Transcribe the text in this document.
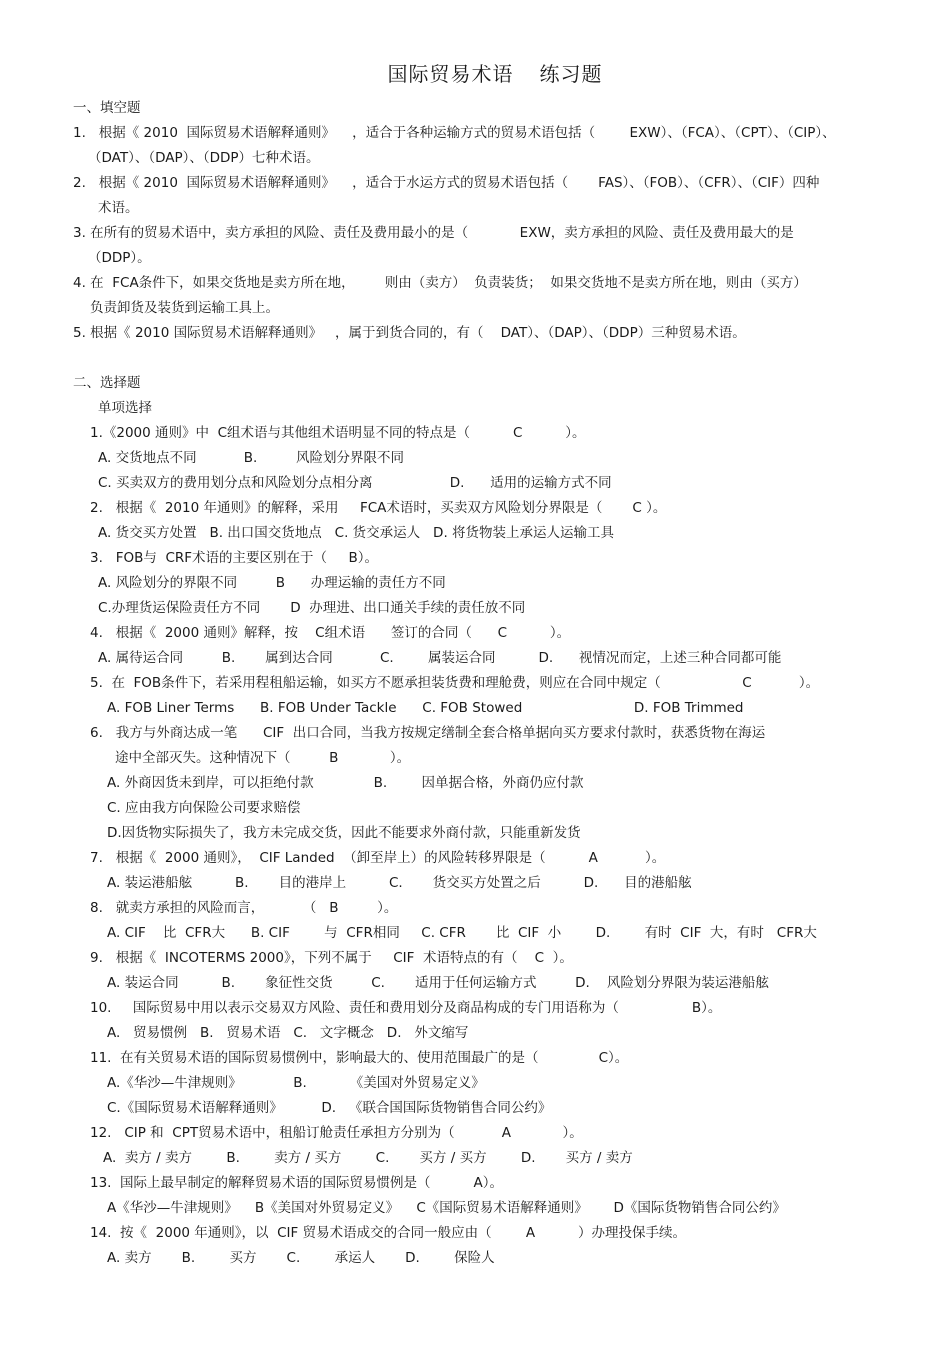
国际贸易术语 练习题
一、填空题
1.   根据《 2010  国际贸易术语解释通则》    ，适合于各种运输方式的贸易术语包括（        EXW）、（FCA）、（CPT）、（CIP）、
（DAT）、（DAP）、（DDP）七种术语。
2.   根据《 2010  国际贸易术语解释通则》    ，适合于水运方式的贸易术语包括（       FAS）、（FOB）、（CFR）、（CIF）四种
术语。
3. 在所有的贸易术语中，卖方承担的风险、责任及费用最小的是（            EXW，卖方承担的风险、责任及费用最大的是
（DDP）。
4. 在  FCA条件下，如果交货地是卖方所在地，       则由（卖方）  负责装货；  如果交货地不是卖方所在地，则由（买方）
负责卸货及装货到运输工具上。
5. 根据《 2010 国际贸易术语解释通则》   ，属于到货合同的，有（    DAT）、（DAP）、（DDP）三种贸易术语。
二、选择题
单项选择
1.《2000 通则》中  C组术语与其他组术语明显不同的特点是（          C          ）。
A. 交货地点不同           B.         风险划分界限不同
C. 买卖双方的费用划分点和风险划分点相分离                  D.      适用的运输方式不同
2.   根据《  2010 年通则》的解释，采用     FCA术语时，买卖双方风险划分界限是（       C ）。
A. 货交买方处置   B. 出口国交货地点   C. 货交承运人   D. 将货物装上承运人运输工具
3.   FOB与  CRF术语的主要区别在于（     B）。
A. 风险划分的界限不同         B      办理运输的责任方不同
C.办理货运保险责任方不同       D  办理进、出口通关手续的责任放不同
4.   根据《  2000 通则》解释，按    C组术语      签订的合同（      C          ）。
A. 属待运合同         B.       属到达合同           C.        属装运合同          D.      视情况而定，上述三种合同都可能
5.  在  FOB条件下，若采用程租船运输，如买方不愿承担装货费和理舱费，则应在合同中规定（                   C           ）。
A. FOB Liner Terms      B. FOB Under Tackle      C. FOB Stowed                          D. FOB Trimmed
6.   我方与外商达成一笔      CIF  出口合同，当我方按规定缮制全套合格单据向买方要求付款时，获悉货物在海运
途中全部灭失。这种情况下（         B            ）。
A. 外商因货未到岸，可以拒绝付款              B.        因单据合格，外商仍应付款
C. 应由我方向保险公司要求赔偿
D.因货物实际损失了，我方未完成交货，因此不能要求外商付款，只能重新发货
7.   根据《  2000 通则》，  CIF Landed  （卸至岸上）的风险转移界限是（          A           ）。
A. 装运港船舷          B.       目的港岸上          C.       货交买方处置之后          D.      目的港船舷
8.   就卖方承担的风险而言，         （   B         ）。
A. CIF    比  CFR大      B. CIF        与  CFR相同     C. CFR       比  CIF  小        D.        有时  CIF  大，有时   CFR大
9.   根据《  INCOTERMS 2000》，下列不属于     CIF  术语特点的有（    C  ）。
A. 装运合同          B.       象征性交货         C.       适用于任何运输方式         D.    风险划分界限为装运港船舷
10.     国际贸易中用以表示交易双方风险、责任和费用划分及商品构成的专门用语称为（                 B）。
A.   贸易惯例   B.   贸易术语   C.   文字概念   D.   外文缩写
11.  在有关贸易术语的国际贸易惯例中，影响最大的、使用范围最广的是（              C）。
A.《华沙—牛津规则》            B.          《美国对外贸易定义》
C.《国际贸易术语解释通则》         D.   《联合国国际货物销售合同公约》
12.   CIP 和  CPT贸易术语中，租船订舱责任承担方分别为（           A            ）。
A.  卖方 / 卖方        B.        卖方 / 买方        C.       买方 / 买方        D.       买方 / 卖方
13.  国际上最早制定的解释贸易术语的国际贸易惯例是（          A）。
A《华沙—牛津规则》    B《美国对外贸易定义》    C《国际贸易术语解释通则》      D《国际货物销售合同公约》
14.  按《  2000 年通则》，以  CIF 贸易术语成交的合同一般应由（        A          ）办理投保手续。
A. 卖方       B.        买方       C.        承运人       D.        保险人
